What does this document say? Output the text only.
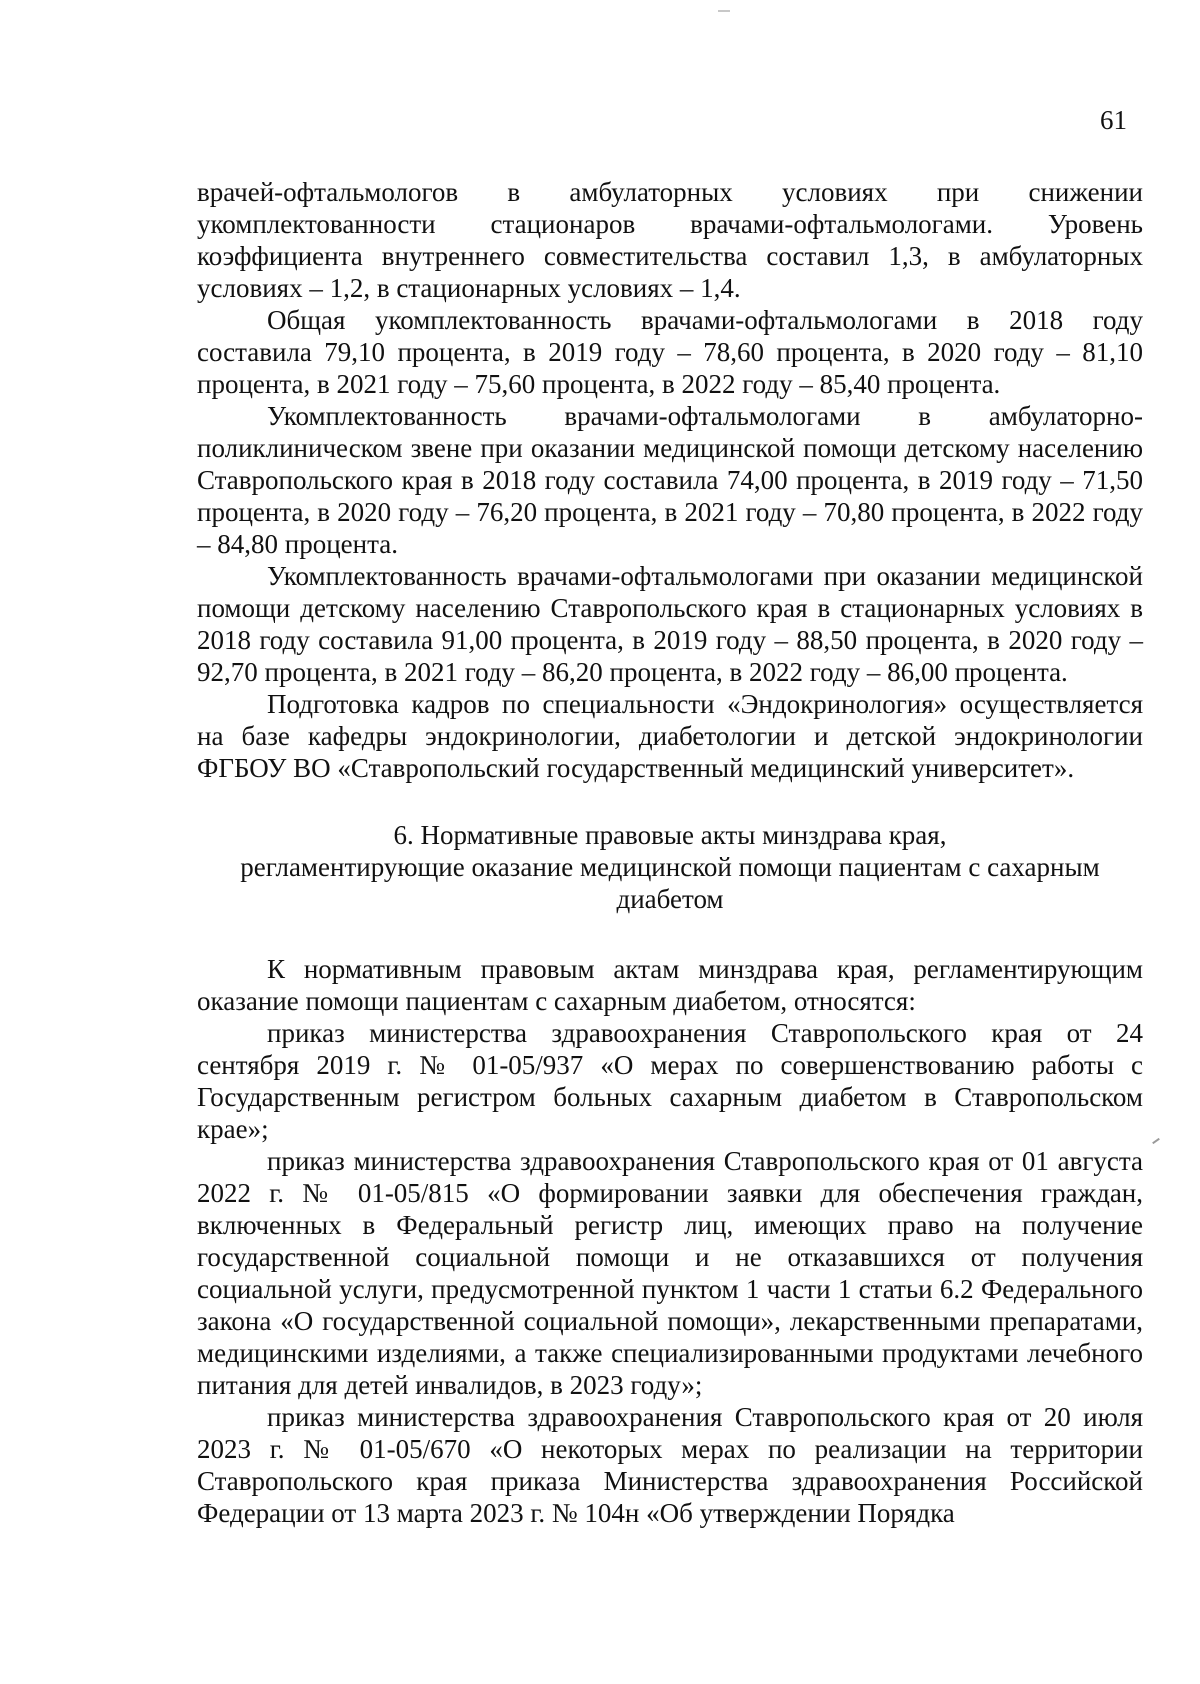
61

врачей-офтальмологов в амбулаторных условиях при снижении укомплектованности стационаров врачами-офтальмологами. Уровень коэффициента внутреннего совместительства составил 1,3, в амбулаторных условиях – 1,2, в стационарных условиях – 1,4.

Общая укомплектованность врачами-офтальмологами в 2018 году составила 79,10 процента, в 2019 году – 78,60 процента, в 2020 году – 81,10 процента, в 2021 году – 75,60 процента, в 2022 году – 85,40 процента.

Укомплектованность врачами-офтальмологами в амбулаторно-поликлиническом звене при оказании медицинской помощи детскому населению Ставропольского края в 2018 году составила 74,00 процента, в 2019 году – 71,50 процента, в 2020 году – 76,20 процента, в 2021 году – 70,80 процента, в 2022 году – 84,80 процента.

Укомплектованность врачами-офтальмологами при оказании медицинской помощи детскому населению Ставропольского края в стационарных условиях в 2018 году составила 91,00 процента, в 2019 году – 88,50 процента, в 2020 году – 92,70 процента, в 2021 году – 86,20 процента, в 2022 году – 86,00 процента.

Подготовка кадров по специальности «Эндокринология» осуществляется на базе кафедры эндокринологии, диабетологии и детской эндокринологии ФГБОУ ВО «Ставропольский государственный медицинский университет».

6. Нормативные правовые акты минздрава края,
регламентирующие оказание медицинской помощи пациентам с сахарным
диабетом

К нормативным правовым актам минздрава края, регламентирующим оказание помощи пациентам с сахарным диабетом, относятся:

приказ министерства здравоохранения Ставропольского края от 24 сентября 2019 г. № 01-05/937 «О мерах по совершенствованию работы с Государственным регистром больных сахарным диабетом в Ставропольском крае»;

приказ министерства здравоохранения Ставропольского края от 01 августа 2022 г. № 01-05/815 «О формировании заявки для обеспечения граждан, включенных в Федеральный регистр лиц, имеющих право на получение государственной социальной помощи и не отказавшихся от получения социальной услуги, предусмотренной пунктом 1 части 1 статьи 6.2 Федерального закона «О государственной социальной помощи», лекарственными препаратами, медицинскими изделиями, а также специализированными продуктами лечебного питания для детей инвалидов, в 2023 году»;

приказ министерства здравоохранения Ставропольского края от 20 июля 2023 г. № 01-05/670 «О некоторых мерах по реализации на территории Ставропольского края приказа Министерства здравоохранения Российской Федерации от 13 марта 2023 г. № 104н «Об утверждении Порядка
